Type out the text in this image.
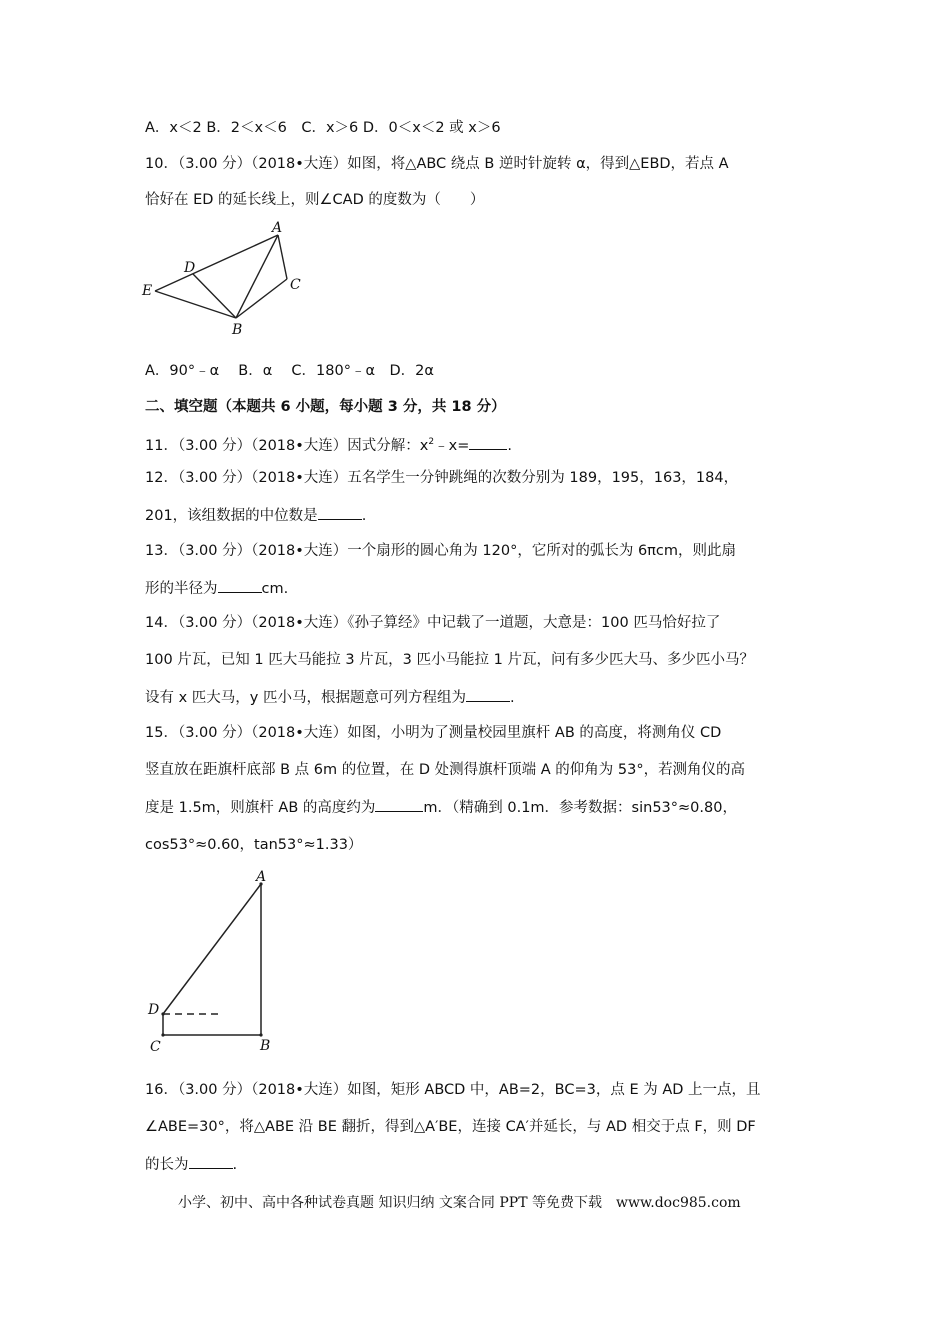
A．x＜2 B．2＜x＜6　C．x＞6 D．0＜x＜2 或 x＞6
10．（3.00 分）（2018•大连）如图，将△ABC 绕点 B 逆时针旋转 α，得到△EBD，若点 A
恰好在 ED 的延长线上，则∠CAD 的度数为（　　）
A
D
E	C
B
A．90°﹣α　 B．α　 C．180°﹣α　D．2α
二、填空题（本题共 6 小题，每小题 3 分，共 18 分）
11．（3.00 分）（2018•大连）因式分解：$x^2﹣x=$	.
12．（3.00 分）（2018•大连）五名学生一分钟跳绳的次数分别为 189，195，163，184，
201，该组数据的中位数是	.
13．（3.00 分）（2018•大连）一个扇形的圆心角为 120°，它所对的弧长为 6πcm，则此扇
形的半径为	cm.
14．（3.00 分）（2018•大连）《孙子算经》中记载了一道题，大意是：100 匹马恰好拉了
100 片瓦，已知 1 匹大马能拉 3 片瓦，3 匹小马能拉 1 片瓦，问有多少匹大马、多少匹小马？
设有 x 匹大马，y 匹小马，根据题意可列方程组为	.
15．（3.00 分）（2018•大连）如图，小明为了测量校园里旗杆 AB 的高度，将测角仪 CD
竖直放在距旗杆底部 B 点 6m 的位置，在 D 处测得旗杆顶端 A 的仰角为 53°，若测角仪的高
度是 1.5m，则旗杆 AB 的高度约为	m．（精确到 0.1m．参考数据：sin53°≈0.80，
cos53°≈0.60，tan53°≈1.33）
A
D
C	B
16．（3.00 分）（2018•大连）如图，矩形 ABCD 中，AB=2，BC=3，点 E 为 AD 上一点，且
∠ABE=30°，将△ABE 沿 BE 翻折，得到△A′BE，连接 CA′并延长，与 AD 相交于点 F，则 DF
的长为	.
小学、初中、高中各种试卷真题 知识归纳 文案合同 PPT 等免费下载　www.doc985.com
